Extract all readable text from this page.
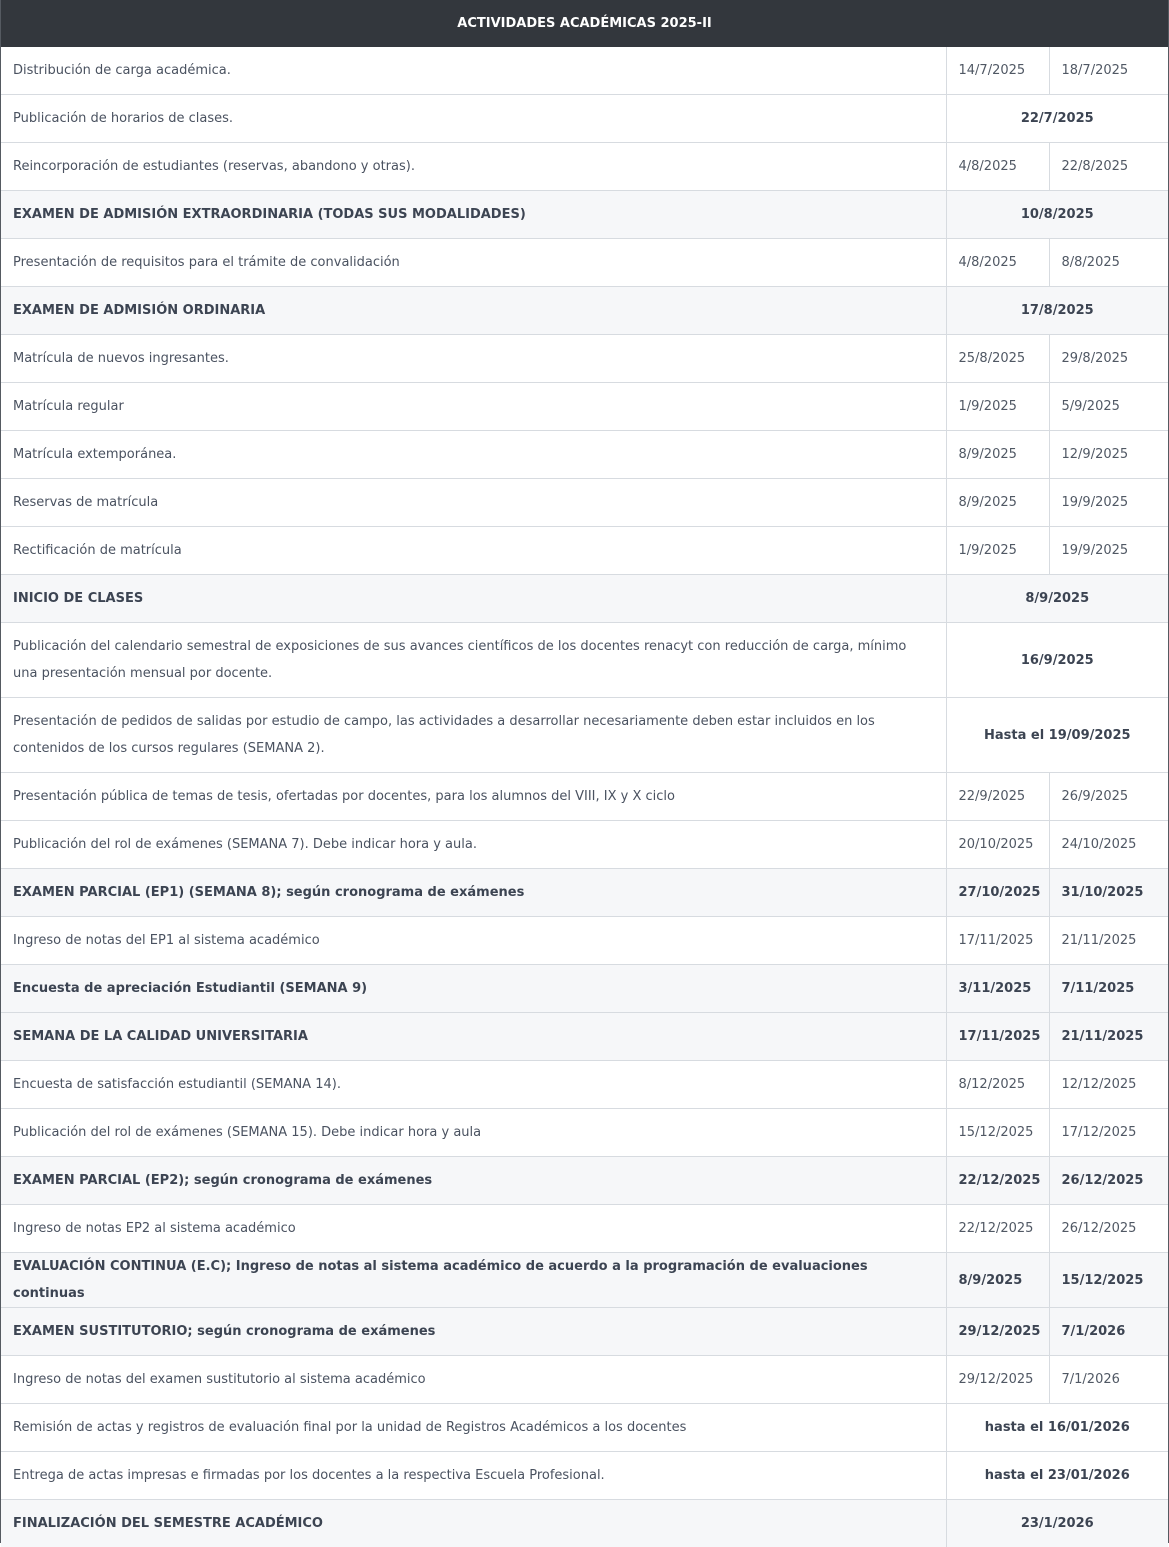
ACTIVIDADES ACADÉMICAS 2025-II		
Distribución de carga académica.	14/7/2025	18/7/2025
Publicación de horarios de clases.	22/7/2025	
Reincorporación de estudiantes (reservas, abandono y otras).	4/8/2025	22/8/2025
EXAMEN DE ADMISIÓN EXTRAORDINARIA (TODAS SUS MODALIDADES)	10/8/2025	
Presentación de requisitos para el trámite de convalidación	4/8/2025	8/8/2025
EXAMEN DE ADMISIÓN ORDINARIA	17/8/2025	
Matrícula de nuevos ingresantes.	25/8/2025	29/8/2025
Matrícula regular	1/9/2025	5/9/2025
Matrícula extemporánea.	8/9/2025	12/9/2025
Reservas de matrícula	8/9/2025	19/9/2025
Rectificación de matrícula	1/9/2025	19/9/2025
INICIO DE CLASES	8/9/2025	
Publicación del calendario semestral de exposiciones de sus avances científicos de los docentes renacyt con reducción de carga, mínimo una presentación mensual por docente.	16/9/2025	
Presentación de pedidos de salidas por estudio de campo, las actividades a desarrollar necesariamente deben estar incluidos en los contenidos de los cursos regulares (SEMANA 2).	Hasta el 19/09/2025	
Presentación pública de temas de tesis, ofertadas por docentes, para los alumnos del VIII, IX y X ciclo	22/9/2025	26/9/2025
Publicación del rol de exámenes (SEMANA 7). Debe indicar hora y aula.	20/10/2025	24/10/2025
EXAMEN PARCIAL (EP1) (SEMANA 8); según cronograma de exámenes	27/10/2025	31/10/2025
Ingreso de notas del EP1 al sistema académico	17/11/2025	21/11/2025
Encuesta de apreciación Estudiantil (SEMANA 9)	3/11/2025	7/11/2025
SEMANA DE LA CALIDAD UNIVERSITARIA	17/11/2025	21/11/2025
Encuesta de satisfacción estudiantil (SEMANA 14).	8/12/2025	12/12/2025
Publicación del rol de exámenes (SEMANA 15). Debe indicar hora y aula	15/12/2025	17/12/2025
EXAMEN PARCIAL (EP2); según cronograma de exámenes	22/12/2025	26/12/2025
Ingreso de notas EP2 al sistema académico	22/12/2025	26/12/2025
EVALUACIÓN CONTINUA (E.C); Ingreso de notas al sistema académico de acuerdo a la programación de evaluaciones continuas	8/9/2025	15/12/2025
EXAMEN SUSTITUTORIO; según cronograma de exámenes	29/12/2025	7/1/2026
Ingreso de notas del examen sustitutorio al sistema académico	29/12/2025	7/1/2026
Remisión de actas y registros de evaluación final por la unidad de Registros Académicos a los docentes	hasta el 16/01/2026	
Entrega de actas impresas e firmadas por los docentes a la respectiva Escuela Profesional.	hasta el 23/01/2026	
FINALIZACIÓN DEL SEMESTRE ACADÉMICO	23/1/2026	
